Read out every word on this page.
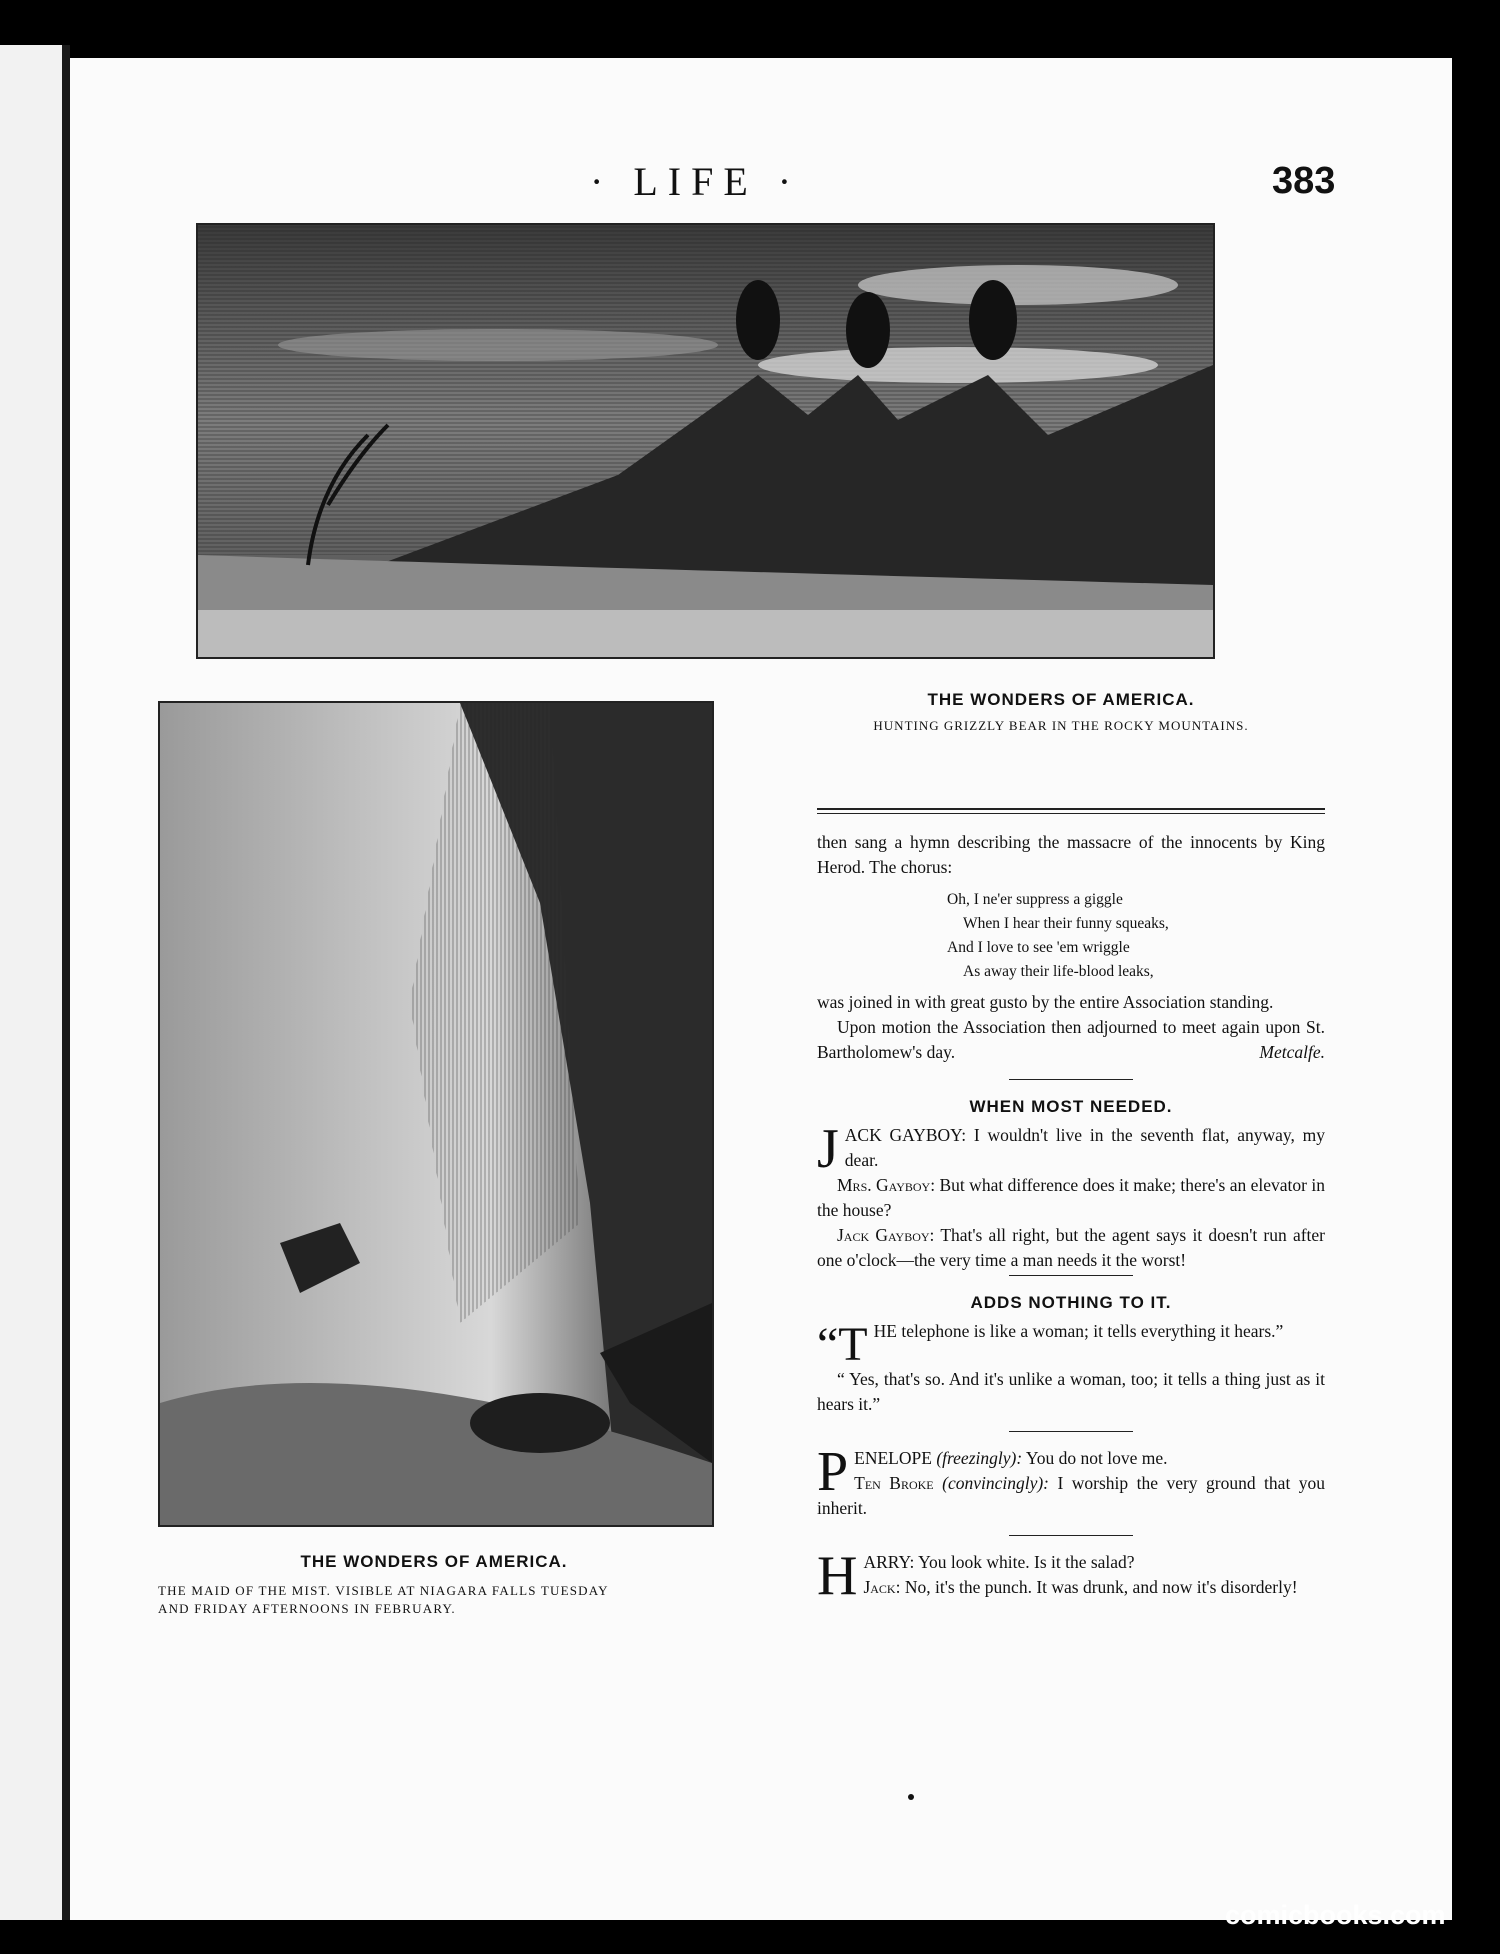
· LIFE ·	383
THE WONDERS OF AMERICA.
HUNTING GRIZZLY BEAR IN THE ROCKY MOUNTAINS.
THE WONDERS OF AMERICA.
THE MAID OF THE MIST. VISIBLE AT NIAGARA FALLS TUESDAY
AND FRIDAY AFTERNOONS IN FEBRUARY.

then sang a hymn describing the massacre of the innocents by King Herod. The chorus:

Oh, I ne'er suppress a giggle
When I hear their funny squeaks,
And I love to see 'em wriggle
As away their life-blood leaks,

was joined in with great gusto by the entire Association standing.

Upon motion the Association then adjourned to meet again upon St. Bartholomew's day.	Metcalfe.

WHEN MOST NEEDED.

J ACK GAYBOY: I wouldn't live in the seventh flat, anyway, my dear.

Mrs. Gayboy: But what difference does it make; there's an elevator in the house?

Jack Gayboy: That's all right, but the agent says it doesn't run after one o'clock—the very time a man needs it the worst!

ADDS NOTHING TO IT.

“T HE telephone is like a woman; it tells everything it hears.”

“ Yes, that's so. And it's unlike a woman, too; it tells a thing just as it hears it.”

P ENELOPE (freezingly): You do not love me.
Ten Broke (convincingly): I worship the very ground that you inherit.

H ARRY: You look white. Is it the salad?
Jack: No, it's the punch. It was drunk, and now it's disorderly!

comicbooks.com
